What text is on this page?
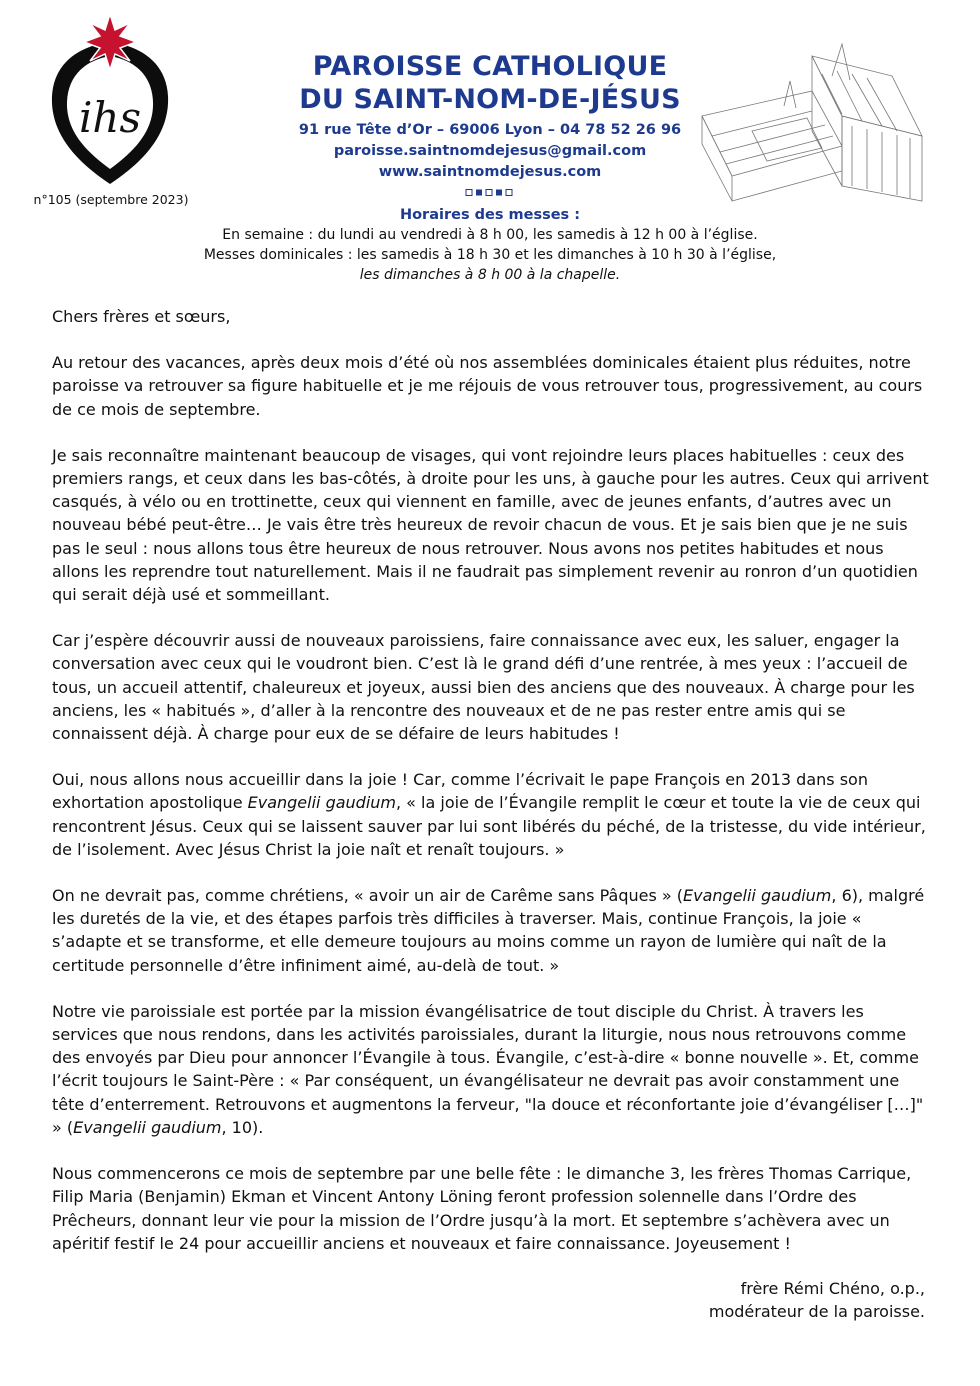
ihs
n°105 (septembre 2023)
PAROISSE CATHOLIQUE
DU SAINT-NOM-DE-JÉSUS
91 rue Tête d’Or – 69006 Lyon – 04 78 52 26 96
paroisse.saintnomdejesus@gmail.com
www.saintnomdejesus.com
Horaires des messes :
En semaine : du lundi au vendredi à 8 h 00, les samedis à 12 h 00 à l’église.
Messes dominicales : les samedis à 18 h 30 et les dimanches à 10 h 30 à l’église,
les dimanches à 8 h 00 à la chapelle.

Chers frères et sœurs,

Au retour des vacances, après deux mois d’été où nos assemblées dominicales étaient plus réduites, notre paroisse va retrouver sa figure habituelle et je me réjouis de vous retrouver tous, progressivement, au cours de ce mois de septembre.

Je sais reconnaître maintenant beaucoup de visages, qui vont rejoindre leurs places habituelles : ceux des premiers rangs, et ceux dans les bas-côtés, à droite pour les uns, à gauche pour les autres. Ceux qui arrivent casqués, à vélo ou en trottinette, ceux qui viennent en famille, avec de jeunes enfants, d’autres avec un nouveau bébé peut-être… Je vais être très heureux de revoir chacun de vous. Et je sais bien que je ne suis pas le seul : nous allons tous être heureux de nous retrouver. Nous avons nos petites habitudes et nous allons les reprendre tout naturellement. Mais il ne faudrait pas simplement revenir au ronron d’un quotidien qui serait déjà usé et sommeillant.

Car j’espère découvrir aussi de nouveaux paroissiens, faire connaissance avec eux, les saluer, engager la conversation avec ceux qui le voudront bien. C’est là le grand défi d’une rentrée, à mes yeux : l’accueil de tous, un accueil attentif, chaleureux et joyeux, aussi bien des anciens que des nouveaux. À charge pour les anciens, les « habitués », d’aller à la rencontre des nouveaux et de ne pas rester entre amis qui se connaissent déjà. À charge pour eux de se défaire de leurs habitudes !

Oui, nous allons nous accueillir dans la joie ! Car, comme l’écrivait le pape François en 2013 dans son exhortation apostolique Evangelii gaudium, « la joie de l’Évangile remplit le cœur et toute la vie de ceux qui rencontrent Jésus. Ceux qui se laissent sauver par lui sont libérés du péché, de la tristesse, du vide intérieur, de l’isolement. Avec Jésus Christ la joie naît et renaît toujours. »

On ne devrait pas, comme chrétiens, « avoir un air de Carême sans Pâques » (Evangelii gaudium, 6), malgré les duretés de la vie, et des étapes parfois très difficiles à traverser. Mais, continue François, la joie « s’adapte et se transforme, et elle demeure toujours au moins comme un rayon de lumière qui naît de la certitude personnelle d’être infiniment aimé, au-delà de tout. »

Notre vie paroissiale est portée par la mission évangélisatrice de tout disciple du Christ. À travers les services que nous rendons, dans les activités paroissiales, durant la liturgie, nous nous retrouvons comme des envoyés par Dieu pour annoncer l’Évangile à tous. Évangile, c’est-à-dire « bonne nouvelle ». Et, comme l’écrit toujours le Saint-Père : « Par conséquent, un évangélisateur ne devrait pas avoir constamment une tête d’enterrement. Retrouvons et augmentons la ferveur, "la douce et réconfortante joie d’évangéliser […]" » (Evangelii gaudium, 10).

Nous commencerons ce mois de septembre par une belle fête : le dimanche 3, les frères Thomas Carrique, Filip Maria (Benjamin) Ekman et Vincent Antony Löning feront profession solennelle dans l’Ordre des Prêcheurs, donnant leur vie pour la mission de l’Ordre jusqu’à la mort. Et septembre s’achèvera avec un apéritif festif le 24 pour accueillir anciens et nouveaux et faire connaissance. Joyeusement !

frère Rémi Chéno, o.p.,
modérateur de la paroisse.
